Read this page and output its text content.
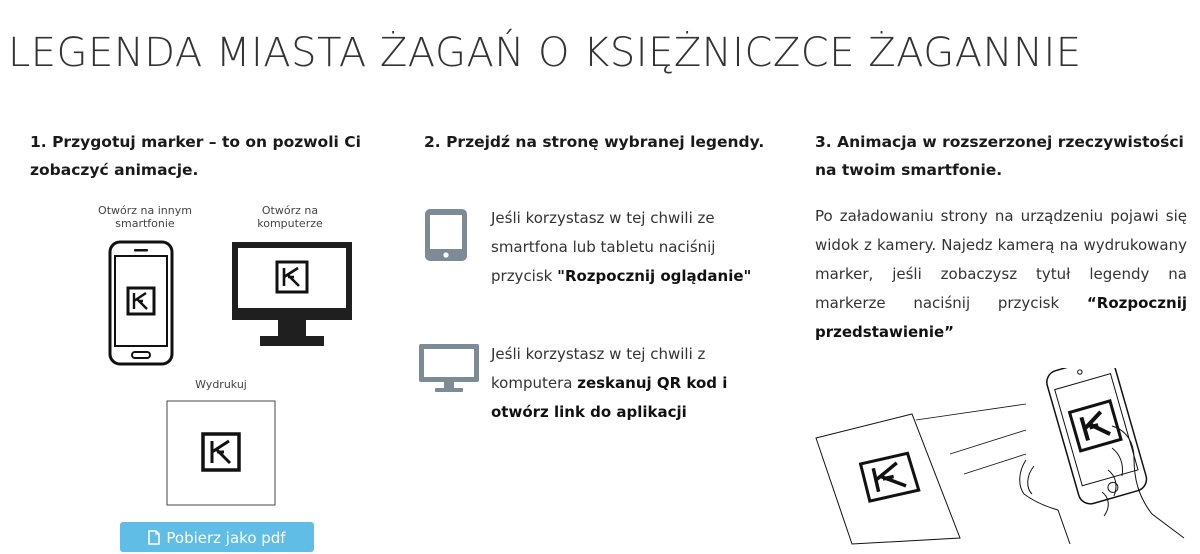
LEGENDA MIASTA ŻAGAŃ O KSIĘŻNICZCE ŻAGANNIE
1. Przygotuj marker – to on pozwoli Ci
zobaczyć animacje.
Otwórz na innym
smartfonie
Otwórz na
komputerze
Wydrukuj
Pobierz jako pdf
2. Przejdź na stronę wybranej legendy.

Jeśli korzystasz w tej chwili ze
smartfona lub tabletu naciśnij
przycisk "Rozpocznij oglądanie"

Jeśli korzystasz w tej chwili z
komputera zeskanuj QR kod i
otwórz link do aplikacji

3. Animacja w rozszerzonej rzeczywistości
na twoim smartfonie.

Po załadowaniu strony na urządzeniu pojawi się widok z kamery. Najedz kamerą na wydrukowany marker, jeśli zobaczysz tytuł legendy na markerze naciśnij przycisk “Rozpocznij przedstawienie”
